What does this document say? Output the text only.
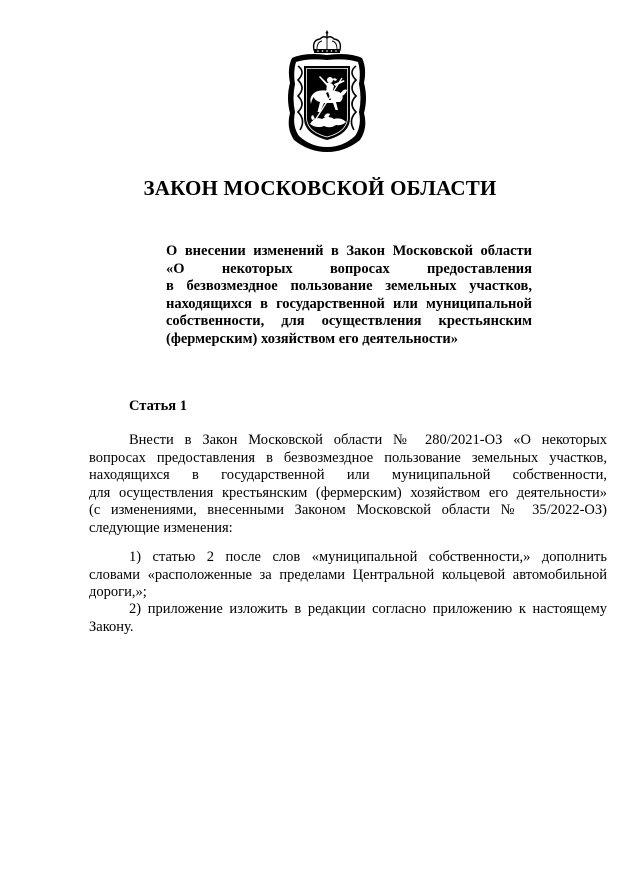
ЗАКОН МОСКОВСКОЙ ОБЛАСТИ
О внесении изменений в Закон Московской области
«О некоторых вопросах предоставления
в безвозмездное пользование земельных участков,
находящихся в государственной или муниципальной
собственности, для осуществления крестьянским
(фермерским) хозяйством его деятельности»
Статья 1
Внести в Закон Московской области № 280/2021-ОЗ «О некоторых
вопросах предоставления в безвозмездное пользование земельных участков,
находящихся в государственной или муниципальной собственности,
для осуществления крестьянским (фермерским) хозяйством его деятельности»
(с изменениями, внесенными Законом Московской области № 35/2022-ОЗ)
следующие изменения:
1) статью 2 после слов «муниципальной собственности,» дополнить
словами «расположенные за пределами Центральной кольцевой автомобильной
дороги,»;
2) приложение изложить в редакции согласно приложению к настоящему
Закону.
